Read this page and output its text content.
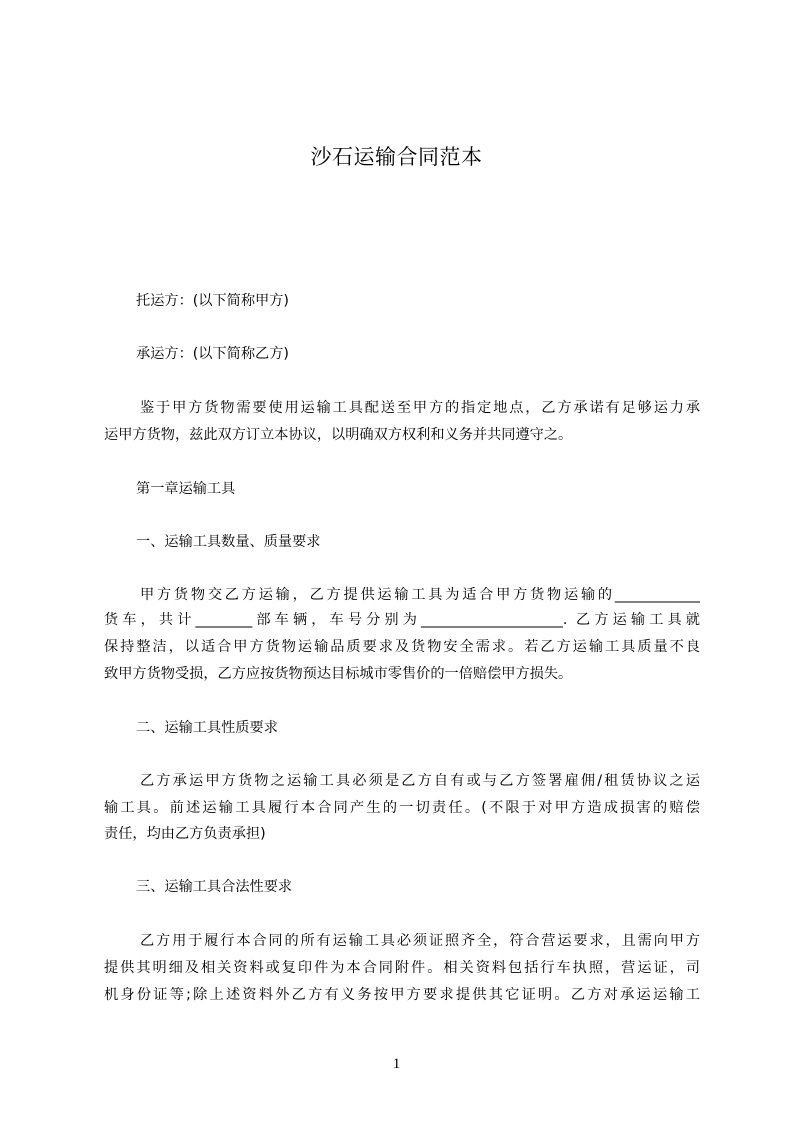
沙石运输合同范本
托运方：(以下简称甲方)
承运方：(以下简称乙方)
鉴于甲方货物需要使用运输工具配送至甲方的指定地点，乙方承诺有足够运力承
运甲方货物，兹此双方订立本协议，以明确双方权利和义务并共同遵守之。
第一章运输工具
一、运输工具数量、质量要求
甲方货物交乙方运输，乙方提供运输工具为适合甲方货物运输的____________
货车，共计________部车辆，车号分别为____________________. 乙方运输工具就
保持整洁，以适合甲方货物运输品质要求及货物安全需求。若乙方运输工具质量不良
致甲方货物受损，乙方应按货物预达目标城市零售价的一倍赔偿甲方损失。
二、运输工具性质要求
乙方承运甲方货物之运输工具必须是乙方自有或与乙方签署雇佣/租赁协议之运
输工具。前述运输工具履行本合同产生的一切责任。(不限于对甲方造成损害的赔偿
责任，均由乙方负责承担)
三、运输工具合法性要求
乙方用于履行本合同的所有运输工具必须证照齐全，符合营运要求，且需向甲方
提供其明细及相关资料或复印件为本合同附件。相关资料包括行车执照，营运证，司
机身份证等;除上述资料外乙方有义务按甲方要求提供其它证明。乙方对承运运输工
1
